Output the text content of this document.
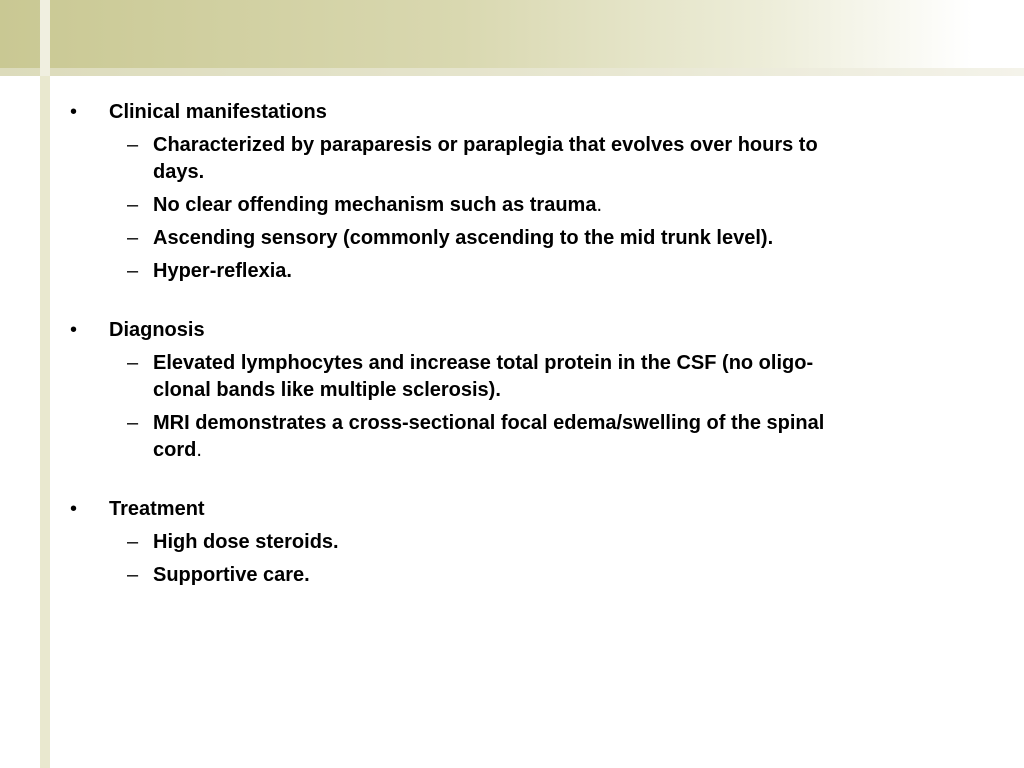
• Clinical manifestations
– Characterized by paraparesis or paraplegia that evolves over hours to days.
– No clear offending mechanism such as trauma.
– Ascending sensory (commonly ascending to the mid trunk level).
– Hyper-reflexia.
• Diagnosis
– Elevated lymphocytes and increase total protein in the CSF (no oligo-clonal bands like multiple sclerosis).
– MRI demonstrates a cross-sectional focal edema/swelling of the spinal cord.
• Treatment
– High dose steroids.
– Supportive care.
